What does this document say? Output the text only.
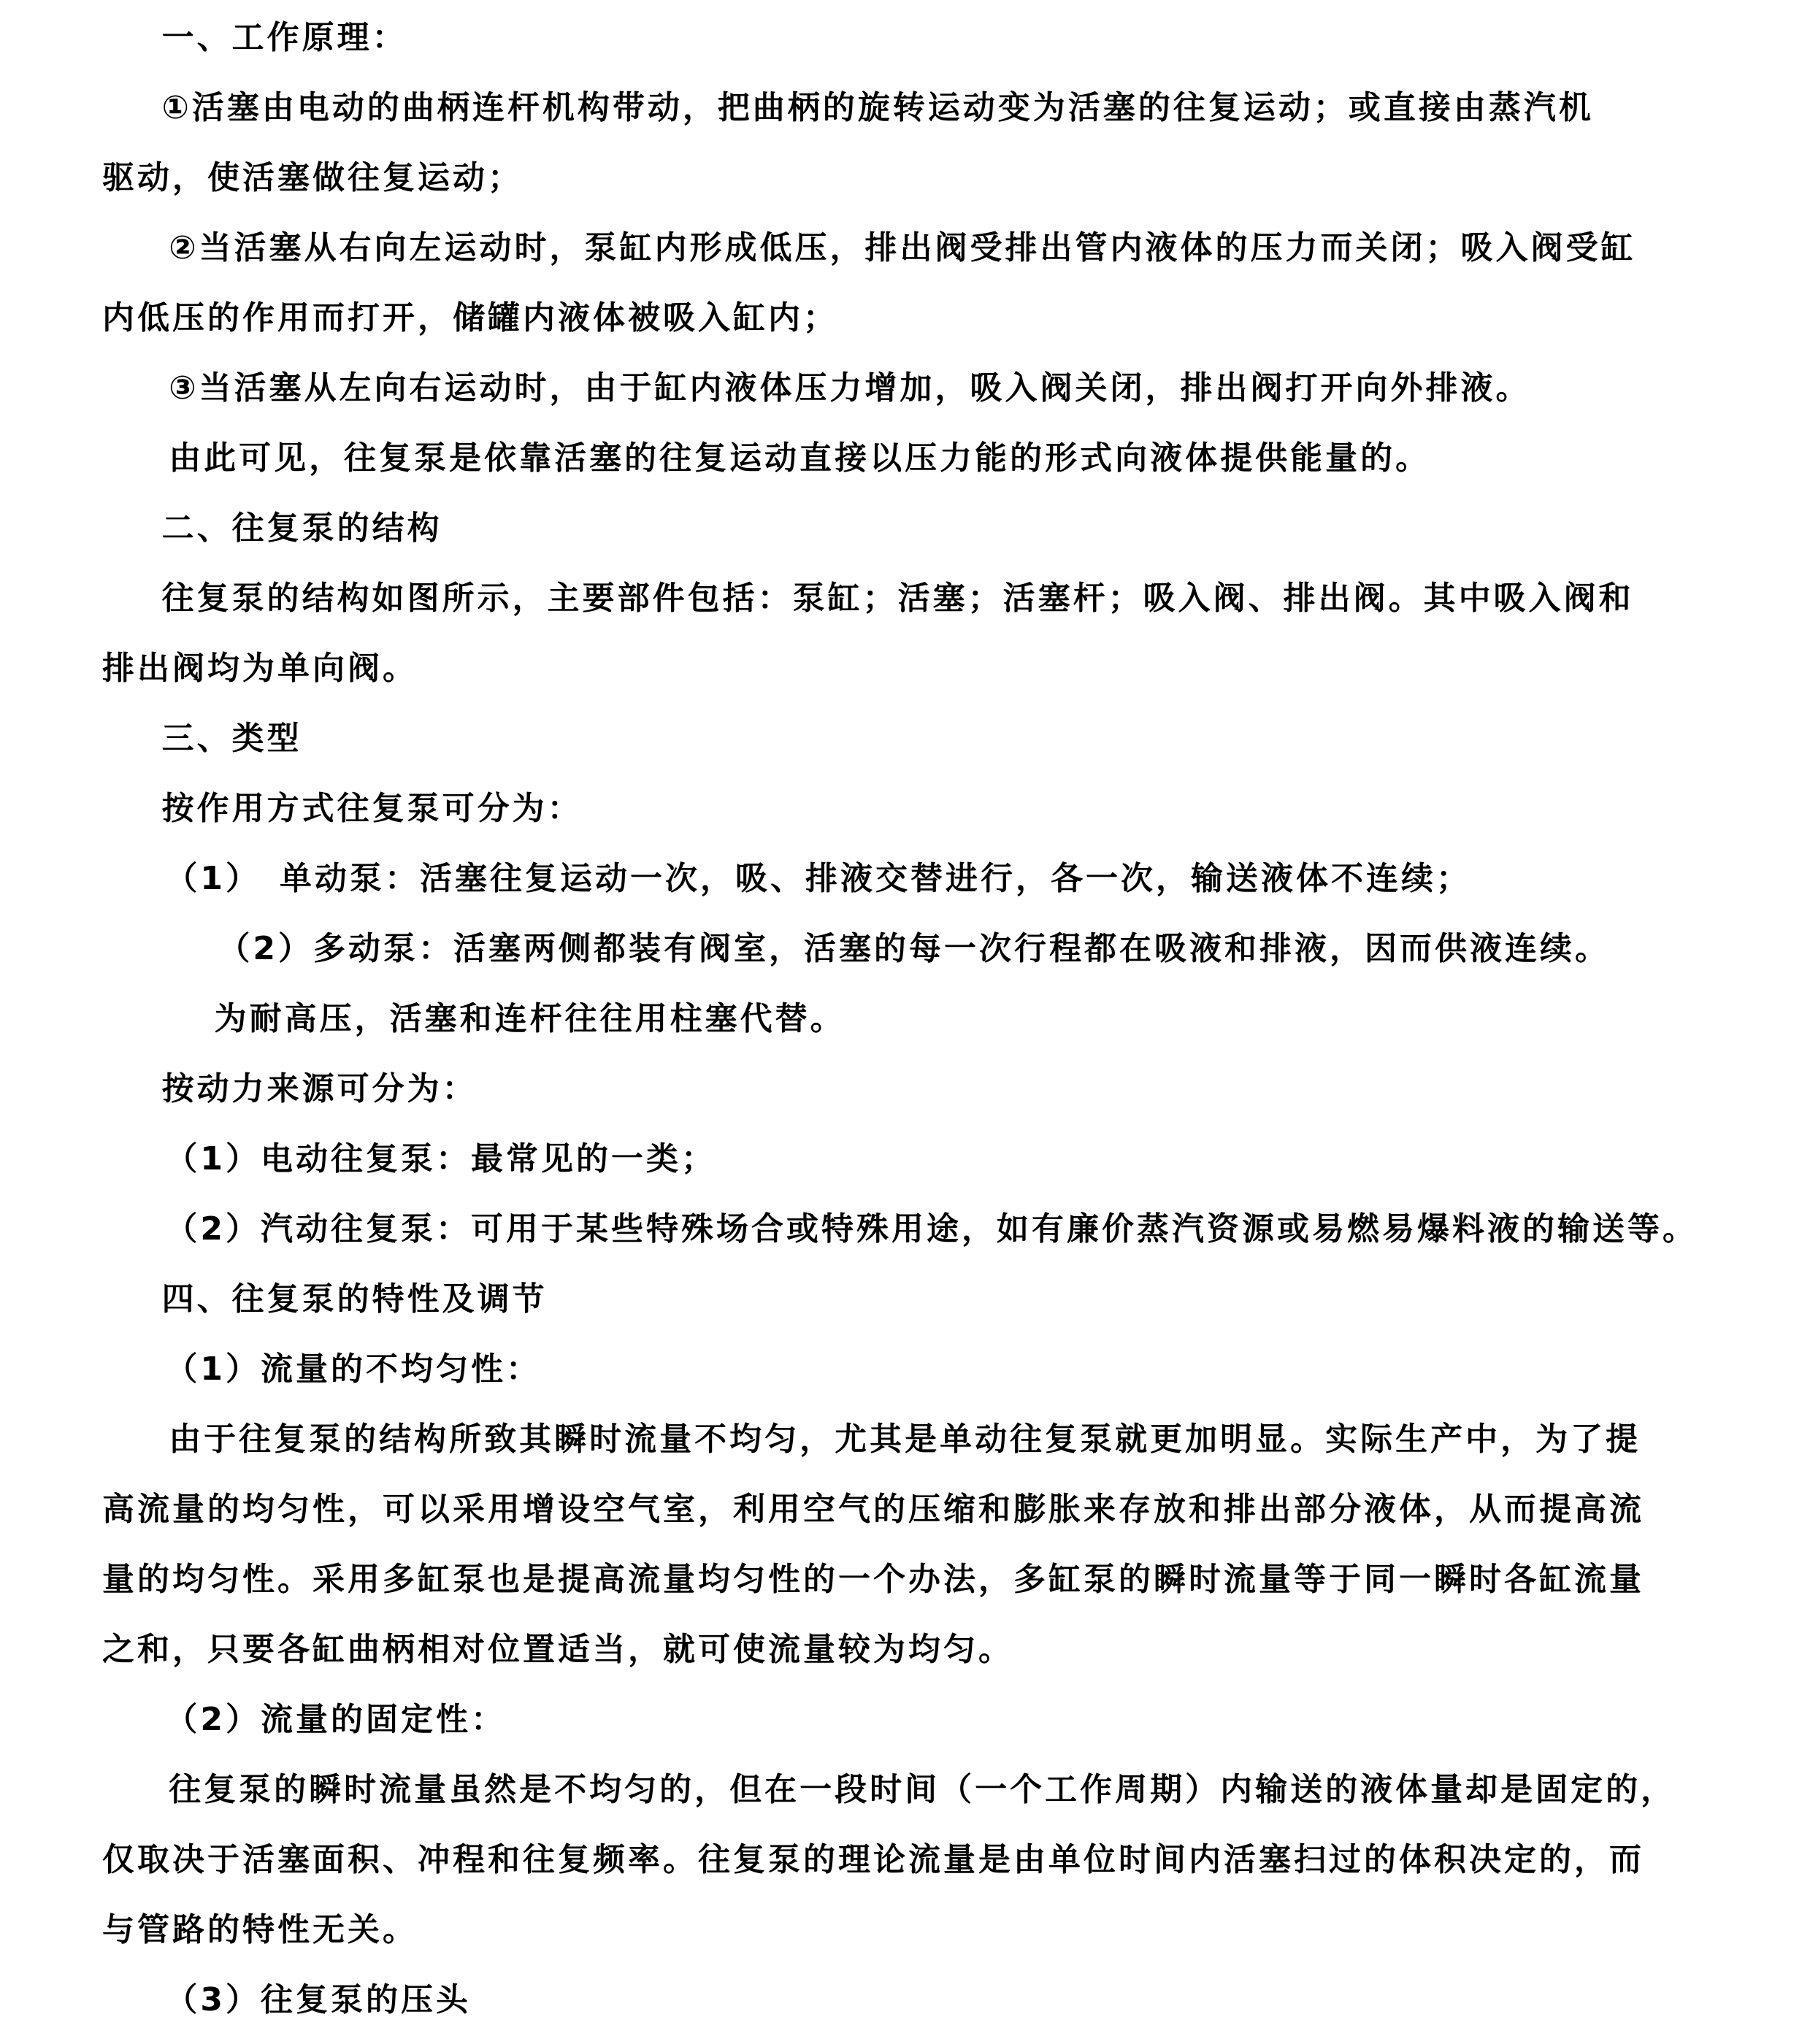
一、工作原理：
①活塞由电动的曲柄连杆机构带动，把曲柄的旋转运动变为活塞的往复运动；或直接由蒸汽机
驱动，使活塞做往复运动；
②当活塞从右向左运动时，泵缸内形成低压，排出阀受排出管内液体的压力而关闭；吸入阀受缸
内低压的作用而打开，储罐内液体被吸入缸内；
③当活塞从左向右运动时，由于缸内液体压力增加，吸入阀关闭，排出阀打开向外排液。
由此可见，往复泵是依靠活塞的往复运动直接以压力能的形式向液体提供能量的。
二、往复泵的结构
往复泵的结构如图所示，主要部件包括：泵缸；活塞；活塞杆；吸入阀、排出阀。其中吸入阀和
排出阀均为单向阀。
三、类型
按作用方式往复泵可分为：
（1）　单动泵：活塞往复运动一次，吸、排液交替进行，各一次，输送液体不连续；
（2）多动泵：活塞两侧都装有阀室，活塞的每一次行程都在吸液和排液，因而供液连续。
为耐高压，活塞和连杆往往用柱塞代替。
按动力来源可分为：
（1）电动往复泵：最常见的一类；
（2）汽动往复泵：可用于某些特殊场合或特殊用途，如有廉价蒸汽资源或易燃易爆料液的输送等。
四、往复泵的特性及调节
（1）流量的不均匀性：
由于往复泵的结构所致其瞬时流量不均匀，尤其是单动往复泵就更加明显。实际生产中，为了提
高流量的均匀性，可以采用增设空气室，利用空气的压缩和膨胀来存放和排出部分液体，从而提高流
量的均匀性。采用多缸泵也是提高流量均匀性的一个办法，多缸泵的瞬时流量等于同一瞬时各缸流量
之和，只要各缸曲柄相对位置适当，就可使流量较为均匀。
（2）流量的固定性：
往复泵的瞬时流量虽然是不均匀的，但在一段时间（一个工作周期）内输送的液体量却是固定的，
仅取决于活塞面积、冲程和往复频率。往复泵的理论流量是由单位时间内活塞扫过的体积决定的，而
与管路的特性无关。
（3）往复泵的压头
